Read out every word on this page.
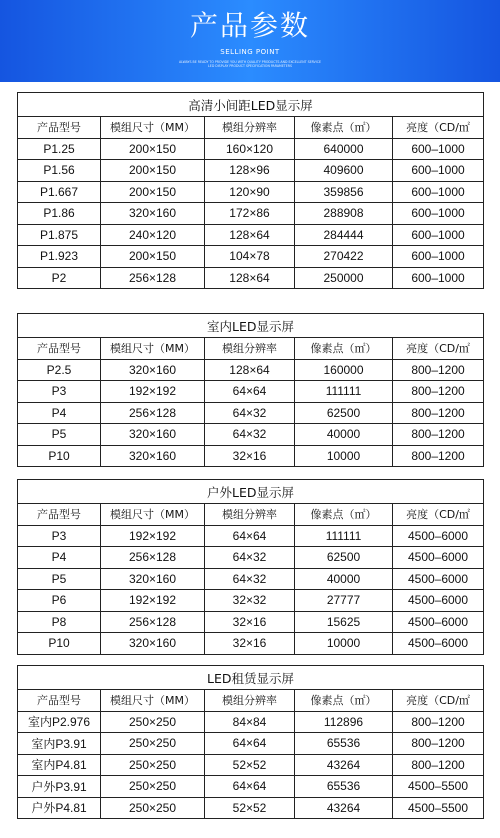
产品参数
SELLING POINT
ALWAYS BE READY TO PROVIDE YOU WITH QUALITY PRODUCTS AND EXCELLENT SERVICE
LED DISPLAY PRODUCT SPECIFICATION PARAMETERS
高清小间距LED显示屏				
产品型号	模组尺寸（MM）	模组分辨率	像素点（㎡）	亮度（CD/㎡
P1.25	200×150	160×120	640000	600–1000
P1.56	200×150	128×96	409600	600–1000
P1.667	200×150	120×90	359856	600–1000
P1.86	320×160	172×86	288908	600–1000
P1.875	240×120	128×64	284444	600–1000
P1.923	200×150	104×78	270422	600–1000
P2	256×128	128×64	250000	600–1000
室内LED显示屏				
产品型号	模组尺寸（MM）	模组分辨率	像素点（㎡）	亮度（CD/㎡
P2.5	320×160	128×64	160000	800–1200
P3	192×192	64×64	111111	800–1200
P4	256×128	64×32	62500	800–1200
P5	320×160	64×32	40000	800–1200
P10	320×160	32×16	10000	800–1200
户外LED显示屏				
产品型号	模组尺寸（MM）	模组分辨率	像素点（㎡）	亮度（CD/㎡
P3	192×192	64×64	111111	4500–6000
P4	256×128	64×32	62500	4500–6000
P5	320×160	64×32	40000	4500–6000
P6	192×192	32×32	27777	4500–6000
P8	256×128	32×16	15625	4500–6000
P10	320×160	32×16	10000	4500–6000
LED租赁显示屏				
产品型号	模组尺寸（MM）	模组分辨率	像素点（㎡）	亮度（CD/㎡
室内P2.976	250×250	84×84	112896	800–1200
室内P3.91	250×250	64×64	65536	800–1200
室内P4.81	250×250	52×52	43264	800–1200
户外P3.91	250×250	64×64	65536	4500–5500
户外P4.81	250×250	52×52	43264	4500–5500
